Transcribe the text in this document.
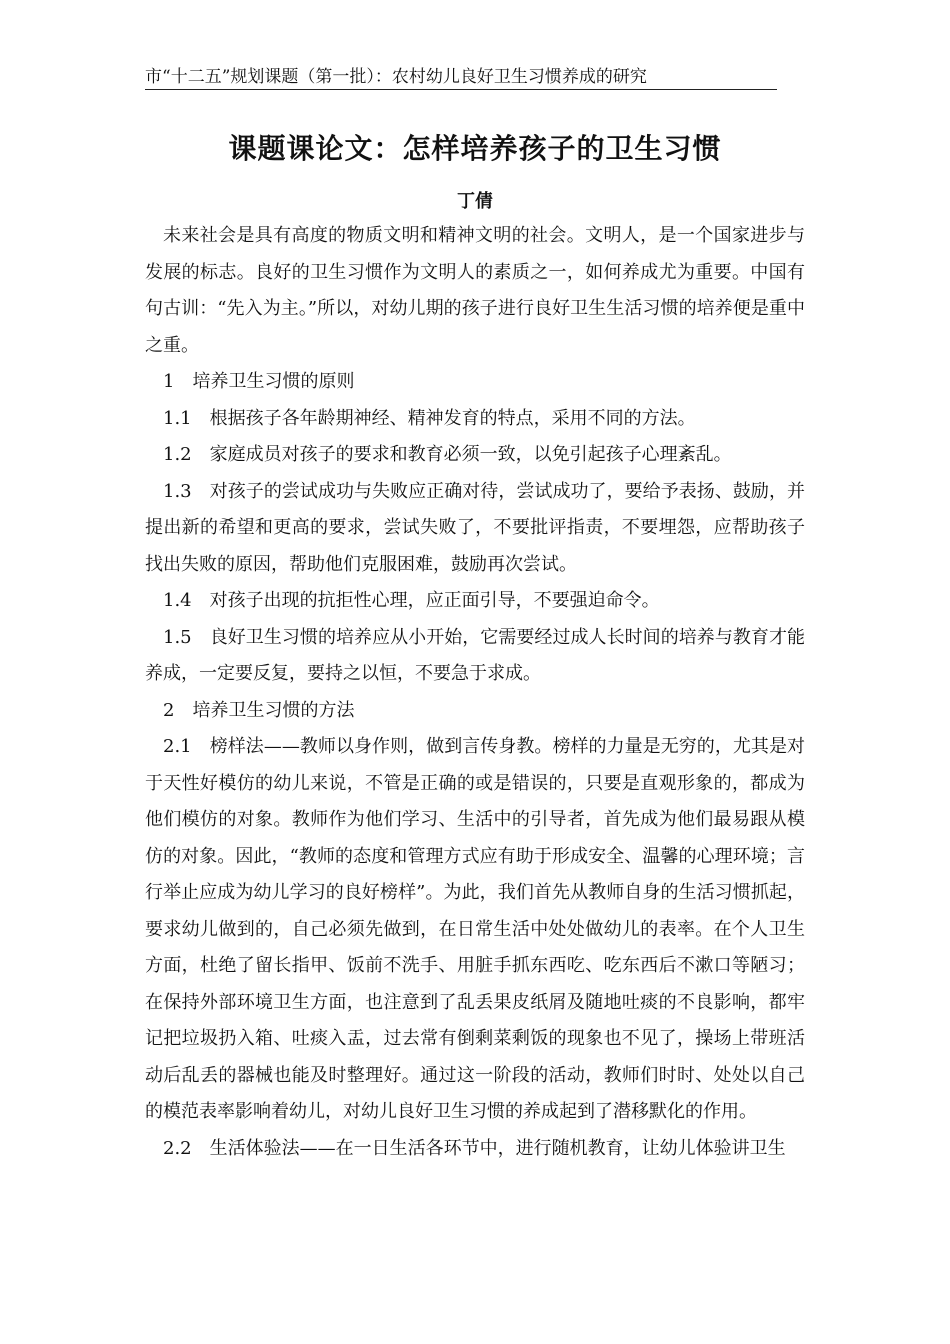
市“十二五”规划课题（第一批）：农村幼儿良好卫生习惯养成的研究
课题课论文：怎样培养孩子的卫生习惯
丁倩

未来社会是具有高度的物质文明和精神文明的社会。文明人，是一个国家进步与发展的标志。良好的卫生习惯作为文明人的素质之一，如何养成尤为重要。中国有句古训：“先入为主。”所以，对幼儿期的孩子进行良好卫生生活习惯的培养便是重中之重。

1　培养卫生习惯的原则

1.1　根据孩子各年龄期神经、精神发育的特点，采用不同的方法。

1.2　家庭成员对孩子的要求和教育必须一致，以免引起孩子心理紊乱。

1.3　对孩子的尝试成功与失败应正确对待，尝试成功了，要给予表扬、鼓励，并提出新的希望和更高的要求，尝试失败了，不要批评指责，不要埋怨，应帮助孩子找出失败的原因，帮助他们克服困难，鼓励再次尝试。

1.4　对孩子出现的抗拒性心理，应正面引导，不要强迫命令。

1.5　良好卫生习惯的培养应从小开始，它需要经过成人长时间的培养与教育才能养成，一定要反复，要持之以恒，不要急于求成。

2　培养卫生习惯的方法

2.1　榜样法——教师以身作则，做到言传身教。榜样的力量是无穷的，尤其是对于天性好模仿的幼儿来说，不管是正确的或是错误的，只要是直观形象的，都成为他们模仿的对象。教师作为他们学习、生活中的引导者，首先成为他们最易跟从模仿的对象。因此，“教师的态度和管理方式应有助于形成安全、温馨的心理环境；言行举止应成为幼儿学习的良好榜样”。为此，我们首先从教师自身的生活习惯抓起，要求幼儿做到的，自己必须先做到，在日常生活中处处做幼儿的表率。在个人卫生方面，杜绝了留长指甲、饭前不洗手、用脏手抓东西吃、吃东西后不漱口等陋习；在保持外部环境卫生方面，也注意到了乱丢果皮纸屑及随地吐痰的不良影响，都牢记把垃圾扔入箱、吐痰入盂，过去常有倒剩菜剩饭的现象也不见了，操场上带班活动后乱丢的器械也能及时整理好。通过这一阶段的活动，教师们时时、处处以自己的模范表率影响着幼儿，对幼儿良好卫生习惯的养成起到了潜移默化的作用。

2.2　生活体验法——在一日生活各环节中，进行随机教育，让幼儿体验讲卫生
